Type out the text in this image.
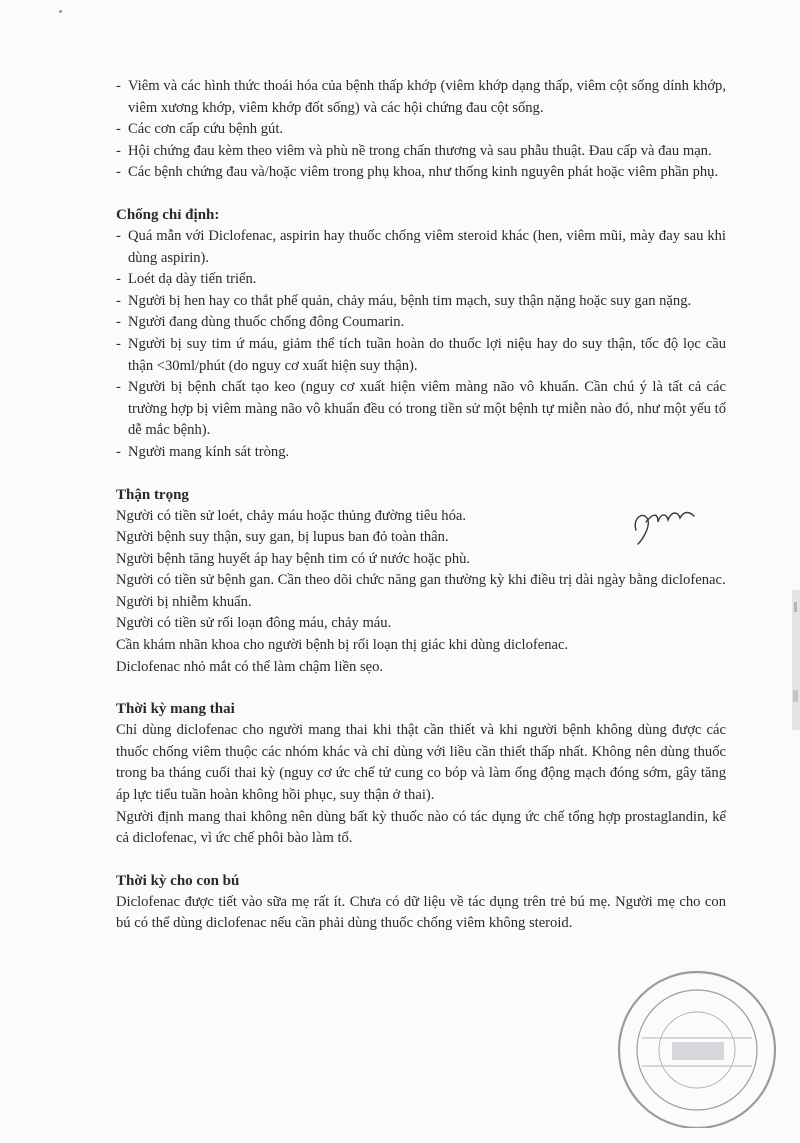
- Viêm và các hình thức thoái hóa của bệnh thấp khớp (viêm khớp dạng thấp, viêm cột sống dính khớp, viêm xương khớp, viêm khớp đốt sống) và các hội chứng đau cột sống.
- Các cơn cấp cứu bệnh gút.
- Hội chứng đau kèm theo viêm và phù nề trong chấn thương và sau phẫu thuật. Đau cấp và đau mạn.
- Các bệnh chứng đau và/hoặc viêm trong phụ khoa, như thống kinh nguyên phát hoặc viêm phần phụ.

Chống chỉ định:

- Quá mẫn với Diclofenac, aspirin hay thuốc chống viêm steroid khác (hen, viêm mũi, mày đay sau khi dùng aspirin).
- Loét dạ dày tiến triển.
- Người bị hen hay co thắt phế quản, chảy máu, bệnh tim mạch, suy thận nặng hoặc suy gan nặng.
- Người đang dùng thuốc chống đông Coumarin.
- Người bị suy tim ứ máu, giảm thể tích tuần hoàn do thuốc lợi niệu hay do suy thận, tốc độ lọc cầu thận <30ml/phút (do nguy cơ xuất hiện suy thận).
- Người bị bệnh chất tạo keo (nguy cơ xuất hiện viêm màng não vô khuẩn. Cần chú ý là tất cả các trường hợp bị viêm màng não vô khuẩn đều có trong tiền sử một bệnh tự miễn nào đó, như một yếu tố dễ mắc bệnh).
- Người mang kính sát tròng.

Thận trọng

Người có tiền sử loét, chảy máu hoặc thủng đường tiêu hóa.

Người bệnh suy thận, suy gan, bị lupus ban đỏ toàn thân.

Người bệnh tăng huyết áp hay bệnh tim có ứ nước hoặc phù.

Người có tiền sử bệnh gan. Cần theo dõi chức năng gan thường kỳ khi điều trị dài ngày bằng diclofenac.

Người bị nhiễm khuẩn.

Người có tiền sử rối loạn đông máu, chảy máu.

Cần khám nhãn khoa cho người bệnh bị rối loạn thị giác khi dùng diclofenac.

Diclofenac nhỏ mắt có thể làm chậm liền sẹo.

Thời kỳ mang thai

Chỉ dùng diclofenac cho người mang thai khi thật cần thiết và khi người bệnh không dùng được các thuốc chống viêm thuộc các nhóm khác và chỉ dùng với liều cần thiết thấp nhất. Không nên dùng thuốc trong ba tháng cuối thai kỳ (nguy cơ ức chế tử cung co bóp và làm ống động mạch đóng sớm, gây tăng áp lực tiểu tuần hoàn không hồi phục, suy thận ở thai).

Người định mang thai không nên dùng bất kỳ thuốc nào có tác dụng ức chế tổng hợp prostaglandin, kể cả diclofenac, vì ức chế phôi bào làm tổ.

Thời kỳ cho con bú

Diclofenac được tiết vào sữa mẹ rất ít. Chưa có dữ liệu về tác dụng trên trẻ bú mẹ. Người mẹ cho con bú có thể dùng diclofenac nếu cần phải dùng thuốc chống viêm không steroid.
